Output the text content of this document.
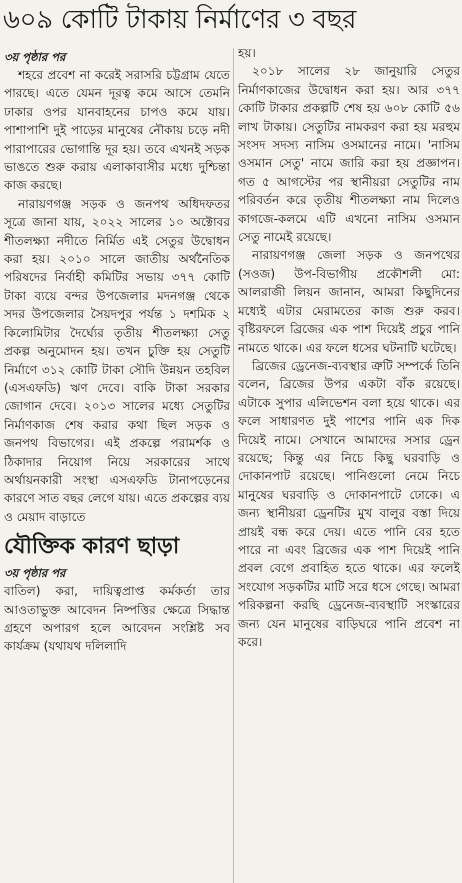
৬০৯ কোটি টাকায় নির্মাণের ৩ বছর

৩য় পৃষ্ঠার পর

শহরে প্রবেশ না করেই সরাসরি চট্টগ্রাম যেতে পারছে। এতে যেমন দূরত্ব কমে আসে তেমনি ঢাকার ওপর যানবাহনের চাপও কমে যায়। পাশাপাশি দুই পাড়ের মানুষের নৌকায় চড়ে নদী পারাপারের ভোগান্তি দূর হয়। তবে এখনই সড়ক ভাঙতে শুরু করায় এলাকাবাসীর মধ্যে দুশ্চিন্তা কাজ করছে।

নারায়ণগঞ্জ সড়ক ও জনপথ অধিদফতর সূত্রে জানা যায়, ২০২২ সালের ১০ অক্টোবর শীতলক্ষ্যা নদীতে নির্মিত এই সেতুর উদ্বোধন করা হয়। ২০১০ সালে জাতীয় অর্থনৈতিক পরিষদের নির্বাহী কমিটির সভায় ৩৭৭ কোটি টাকা ব্যয়ে বন্দর উপজেলার মদনগঞ্জ থেকে সদর উপজেলার সৈয়দপুর পর্যন্ত ১ দশমিক ২ কিলোমিটার দৈর্ঘ্যের তৃতীয় শীতলক্ষ্যা সেতু প্রকল্প অনুমোদন হয়। তখন চুক্তি হয় সেতুটি নির্মাণে ৩১২ কোটি টাকা সৌদি উন্নয়ন তহবিল (এসএফডি) ঋণ দেবে। বাকি টাকা সরকার জোগান দেবে। ২০১৩ সালের মধ্যে সেতুটির নির্মাণকাজ শেষ করার কথা ছিল সড়ক ও জনপথ বিভাগের। এই প্রকল্পে পরামর্শক ও ঠিকাদার নিয়োগ নিয়ে সরকারের সাথে অর্থায়নকারী সংস্থা এসএফডি টানাপড়েনের কারণে সাত বছর লেগে যায়। এতে প্রকল্পের ব্যয় ও মেয়াদ বাড়াতে

যৌক্তিক কারণ ছাড়া

৩য় পৃষ্ঠার পর

বাতিল) করা, দায়িত্বপ্রাপ্ত কর্মকর্তা তার আওতাভুক্ত আবেদন নিষ্পত্তির ক্ষেত্রে সিদ্ধান্ত গ্রহণে অপারগ হলে আবেদন সংশ্লিষ্ট সব কার্যক্রম (যথাযথ দলিলাদি

হয়।

২০১৮ সালের ২৮ জানুয়ারি সেতুর নির্মাণকাজের উদ্বোধন করা হয়। আর ৩৭৭ কোটি টাকার প্রকল্পটি শেষ হয় ৬০৮ কোটি ৫৬ লাখ টাকায়। সেতুটির নামকরণ করা হয় মরহুম সংসদ সদস্য নাসিম ওসমানের নামে। 'নাসিম ওসমান সেতু' নামে জারি করা হয় প্রজ্ঞাপন। গত ৫ আগস্টের পর স্থানীয়রা সেতুটির নাম পরিবর্তন করে তৃতীয় শীতলক্ষ্যা নাম দিলেও কাগজে-কলমে এটি এখনো নাসিম ওসমান সেতু নামেই রয়েছে।

নারায়ণগঞ্জ জেলা সড়ক ও জনপথের (সওজ) উপ-বিভাগীয় প্রকৌশলী মো: আলরাজী লিয়ন জানান, আমরা কিছুদিনের মধ্যেই এটার মেরামতের কাজ শুরু করব। বৃষ্টিরফলে ব্রিজের এক পাশ দিয়েই প্রচুর পানি নামতে থাকে। এর ফলে ধসের ঘটনাটি ঘটেছে।

ব্রিজের ড্রেনেজ-ব্যবস্থার ত্রুটি সম্পর্কে তিনি বলেন, ব্রিজের উপর একটা বাঁক রয়েছে। এটাকে সুপার এলিভেশন বলা হয়ে থাকে। এর ফলে সাধারণত দুই পাশের পানি এক দিক দিয়েই নামে। সেখানে আমাদের সসার ড্রেন রয়েছে; কিন্তু এর নিচে কিছু ঘরবাড়ি ও দোকানপাট রয়েছে। পানিগুলো নেমে নিচে মানুষের ঘরবাড়ি ও দোকানপাটে ঢোকে। এ জন্য স্থানীয়রা ড্রেনটির মুখ বালুর বস্তা দিয়ে প্রায়ই বন্ধ করে দেয়। এতে পানি বের হতে পারে না এবং ব্রিজের এক পাশ দিয়েই পানি প্রবল বেগে প্রবাহিত হতে থাকে। এর ফলেই সংযোগ সড়কটির মাটি সরে ধসে গেছে। আমরা পরিকল্পনা করছি ড্রেনেজ-ব্যবস্থাটি সংস্কারের জন্য যেন মানুষের বাড়িঘরে পানি প্রবেশ না করে।
